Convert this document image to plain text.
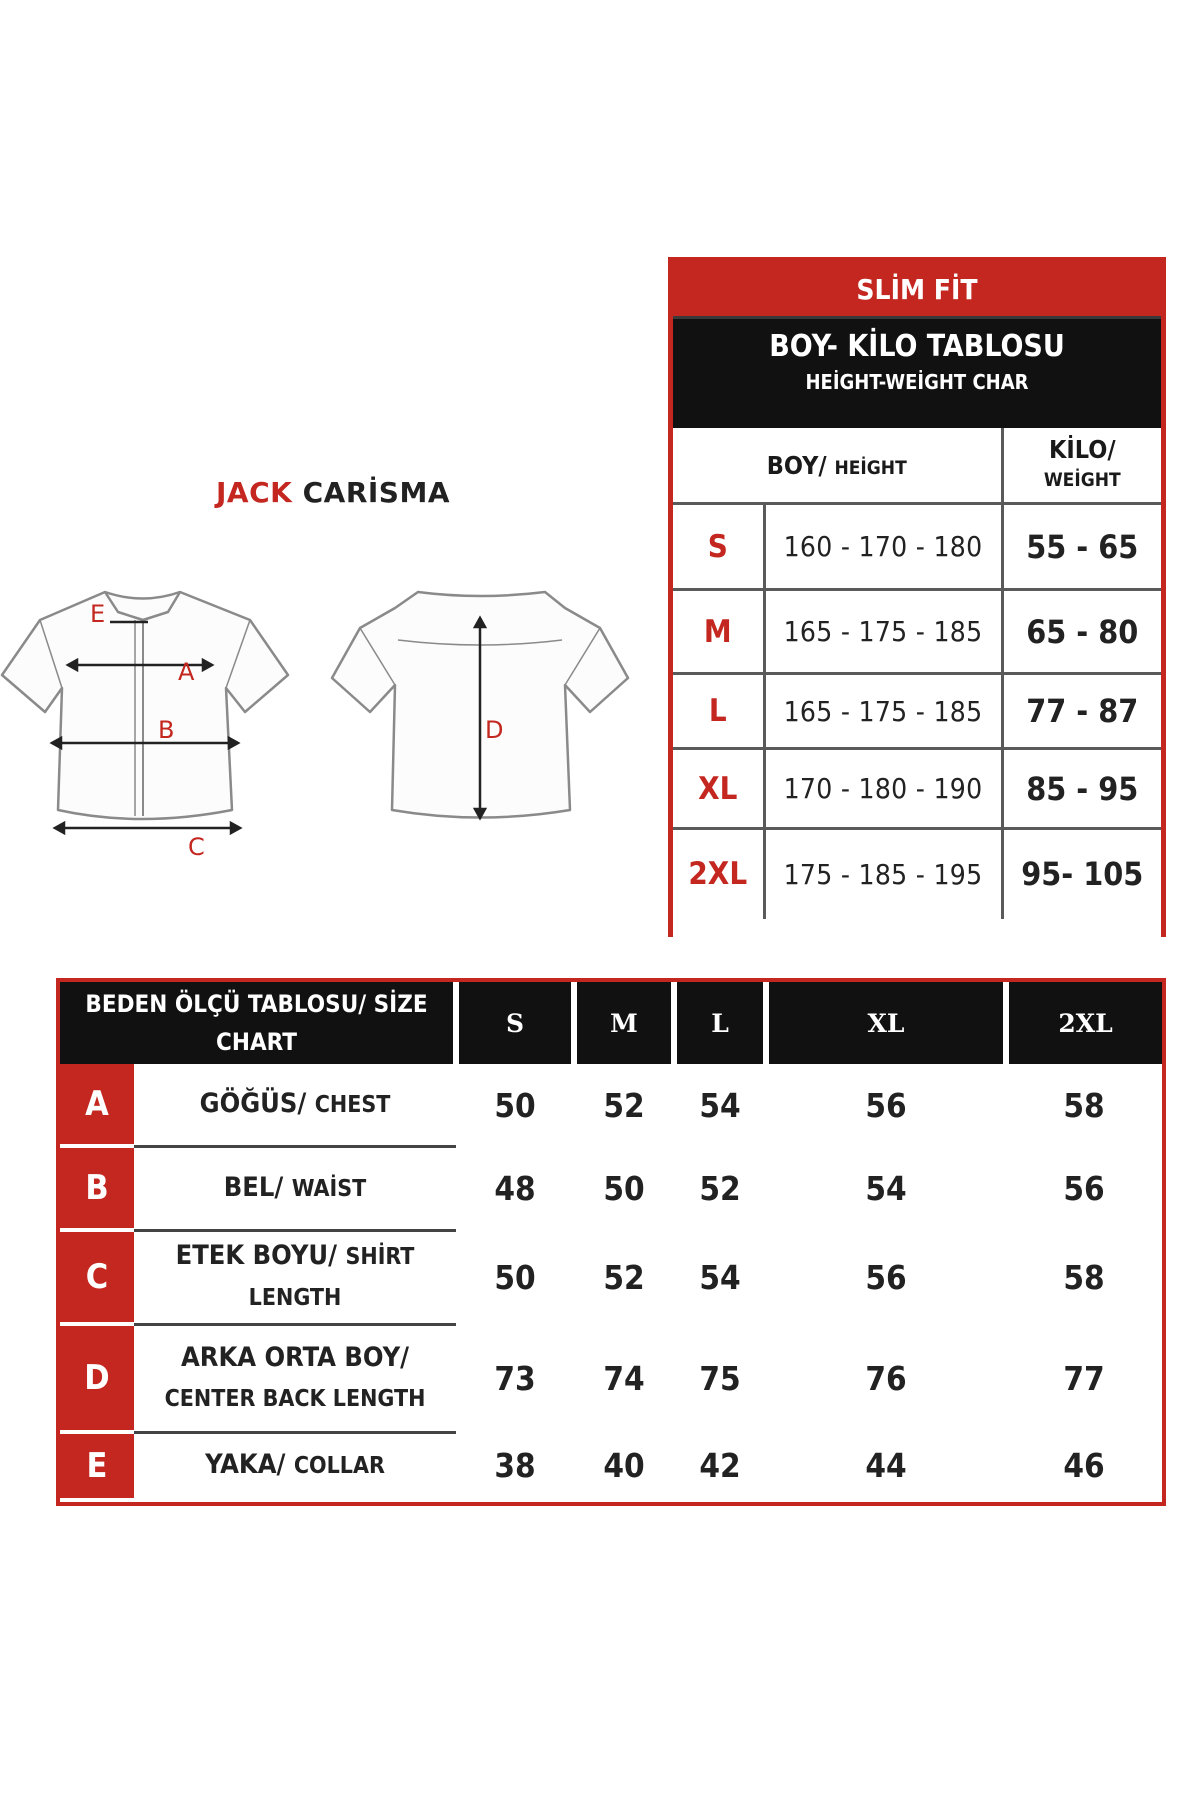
JACK CARİSMA
E
A
B
C
D
SLİM FİT
BOY- KİLO TABLOSU
HEİGHT-WEİGHT CHAR
BOY/ HEİGHT		KİLO/
WEİGHT

S	160 - 170 - 180	55 - 65
M	165 - 175 - 185	65 - 80
L	165 - 175 - 185	77 - 87
XL	170 - 180 - 190	85 - 95
2XL	175 - 185 - 195	95- 105
BEDEN ÖLÇÜ TABLOSU/ SİZE CHART		S	M	L	XL	2XL
A	GÖĞÜS/ CHEST	50	52	54	56	58
B	BEL/ WAİST	48	50	52	54	56
C	ETEK BOYU/ SHİRT LENGTH	50	52	54	56	58
D	ARKA ORTA BOY/
CENTER BACK LENGTH	73	74	75	76	77
E	YAKA/ COLLAR	38	40	42	44	46
